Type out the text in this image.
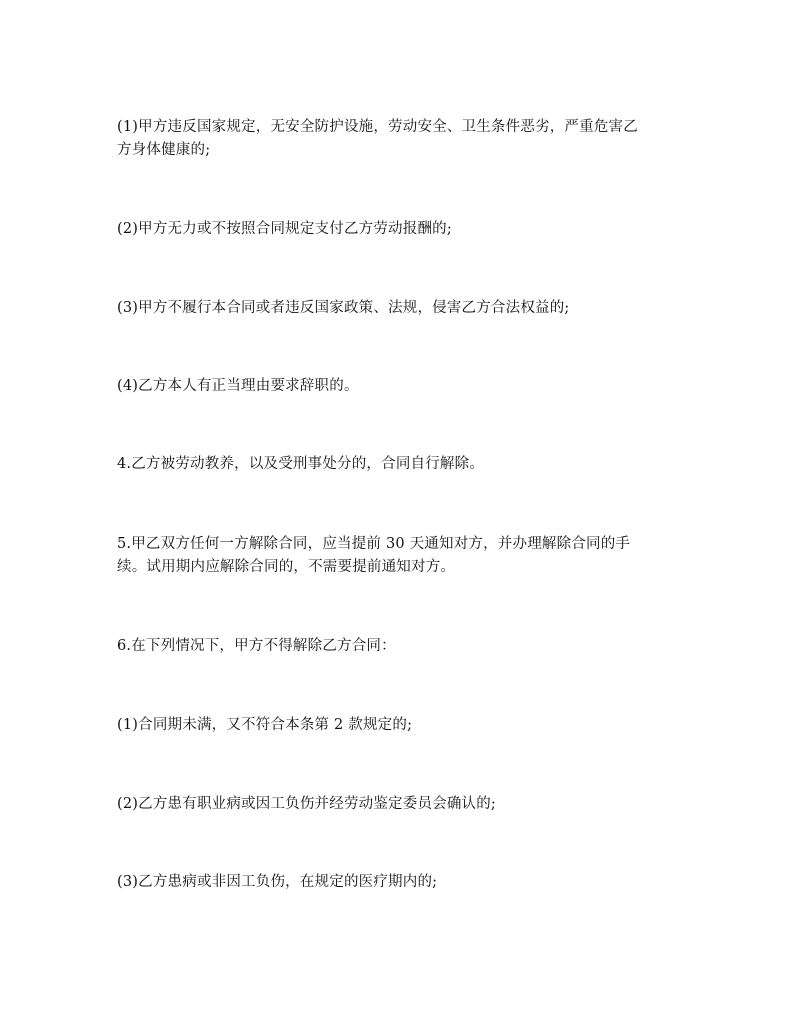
(1)甲方违反国家规定，无安全防护设施，劳动安全、卫生条件恶劣，严重危害乙
方身体健康的;

(2)甲方无力或不按照合同规定支付乙方劳动报酬的;

(3)甲方不履行本合同或者违反国家政策、法规，侵害乙方合法权益的;

(4)乙方本人有正当理由要求辞职的。

4.乙方被劳动教养，以及受刑事处分的，合同自行解除。

5.甲乙双方任何一方解除合同，应当提前 30 天通知对方，并办理解除合同的手
续。试用期内应解除合同的，不需要提前通知对方。

6.在下列情况下，甲方不得解除乙方合同：

(1)合同期未满，又不符合本条第 2 款规定的;

(2)乙方患有职业病或因工负伤并经劳动鉴定委员会确认的;

(3)乙方患病或非因工负伤，在规定的医疗期内的;
